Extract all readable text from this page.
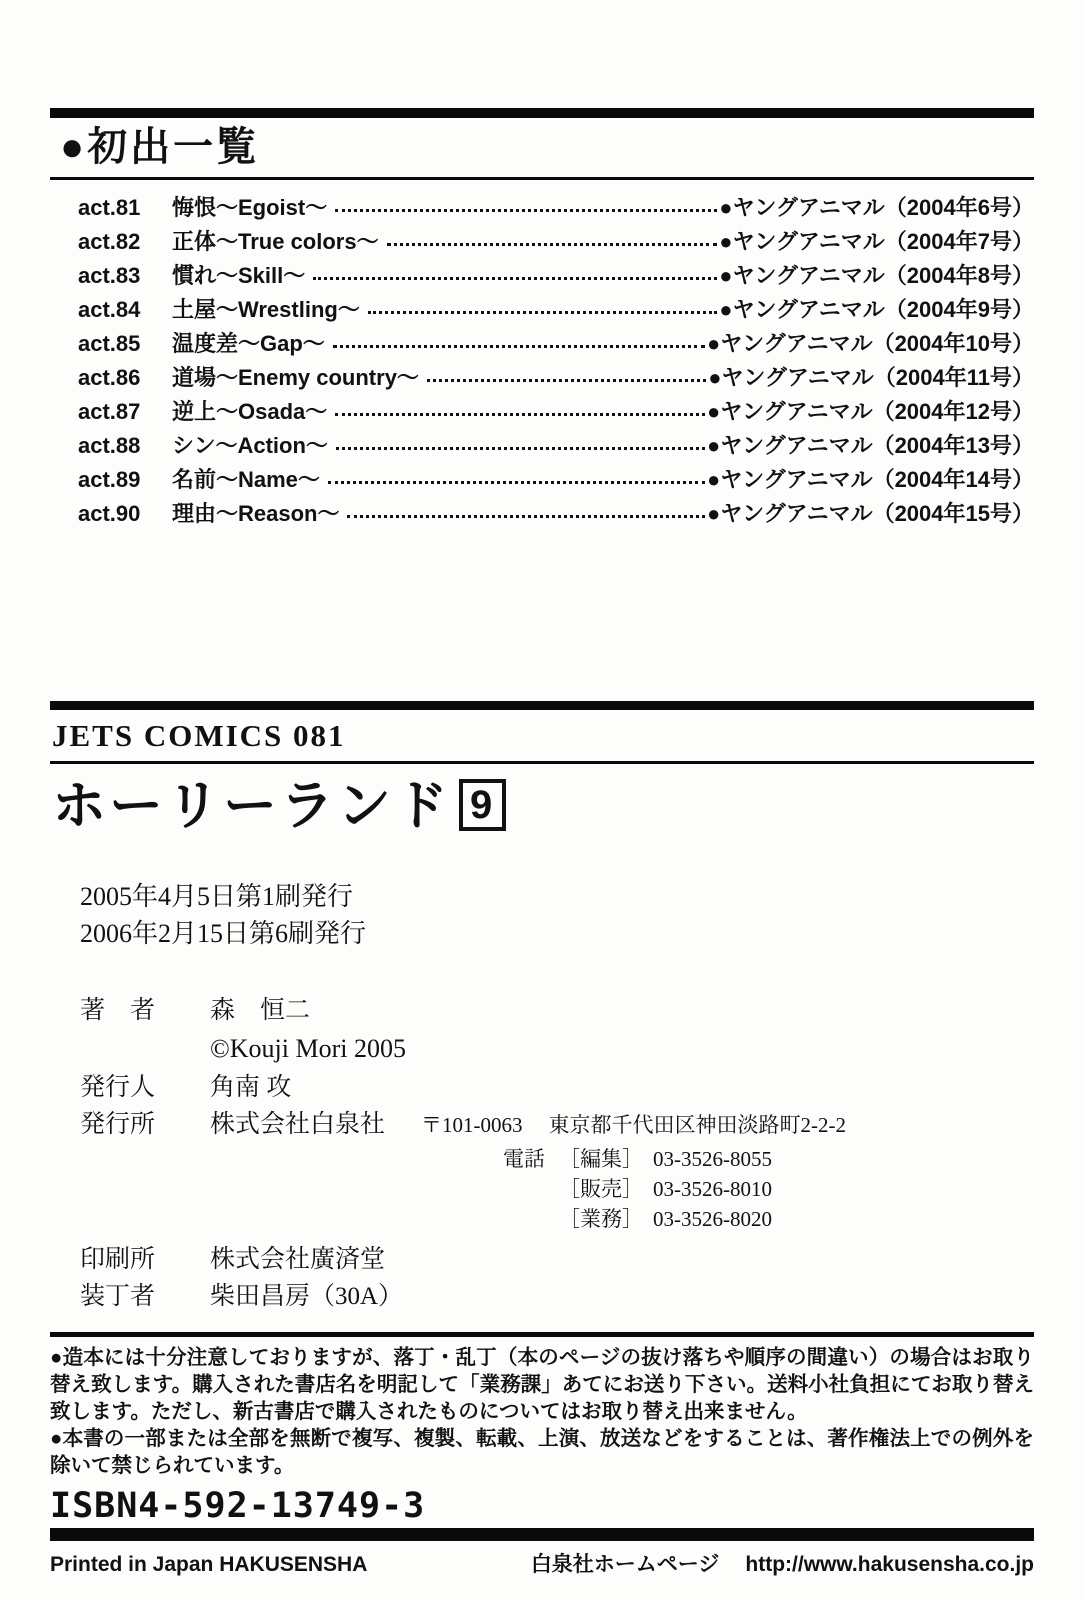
●初出一覧
act.81	悔恨～Egoist～	●ヤングアニマル（2004年6号）
act.82	正体～True colors～	●ヤングアニマル（2004年7号）
act.83	慣れ～Skill～	●ヤングアニマル（2004年8号）
act.84	土屋～Wrestling～	●ヤングアニマル（2004年9号）
act.85	温度差～Gap～	●ヤングアニマル（2004年10号）
act.86	道場～Enemy country～	●ヤングアニマル（2004年11号）
act.87	逆上～Osada～	●ヤングアニマル（2004年12号）
act.88	シン～Action～	●ヤングアニマル（2004年13号）
act.89	名前～Name～	●ヤングアニマル（2004年14号）
act.90	理由～Reason～	●ヤングアニマル（2004年15号）
JETS COMICS 081
ホーリーランド 9
2005年4月5日第1刷発行
2006年2月15日第6刷発行
著　者	森　恒二
©Kouji Mori 2005
発行人	角南 攻
発行所	株式会社白泉社 〒101-0063 東京都千代田区神田淡路町2-2-2
電話 ［編集］ 03-3526-8055
［販売］ 03-3526-8010
［業務］ 03-3526-8020
印刷所	株式会社廣済堂
装丁者	柴田昌房（30A）

●造本には十分注意しておりますが、落丁・乱丁（本のページの抜け落ちや順序の間違い）の場合はお取り替え致します。購入された書店名を明記して「業務課」あてにお送り下さい。送料小社負担にてお取り替え致します。ただし、新古書店で購入されたものについてはお取り替え出来ません。

●本書の一部または全部を無断で複写、複製、転載、上演、放送などをすることは、著作権法上での例外を除いて禁じられています。

ISBN4-592-13749-3
Printed in Japan HAKUSENSHA	白泉社ホームページ http://www.hakusensha.co.jp
